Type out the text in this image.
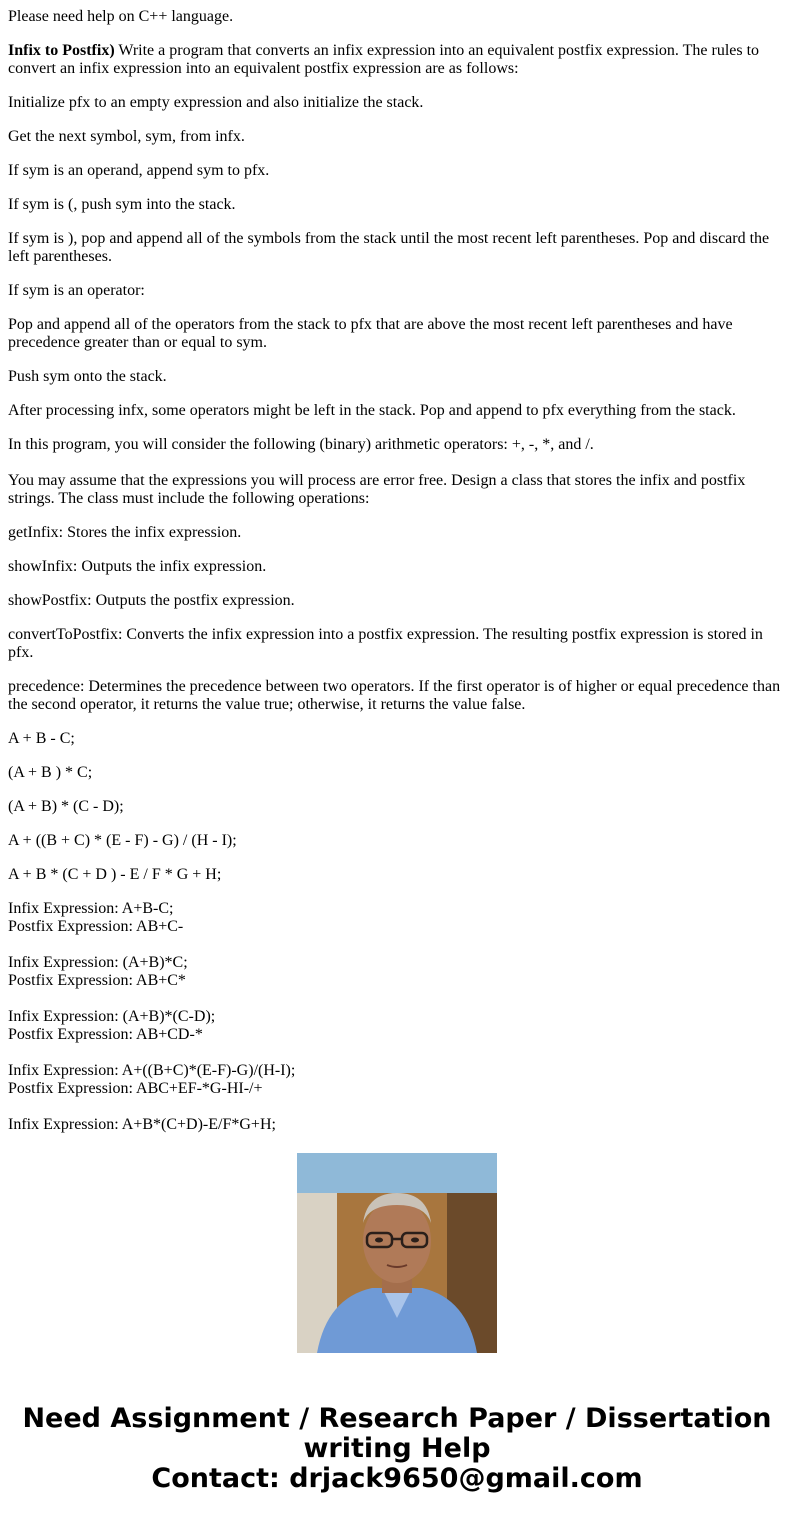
Please need help on C++ language.

Infix to Postfix) Write a program that converts an infix expression into an equivalent postfix expression. The rules to convert an infix expression into an equivalent postfix expression are as follows:

Initialize pfx to an empty expression and also initialize the stack.

Get the next symbol, sym, from infx.

If sym is an operand, append sym to pfx.

If sym is (, push sym into the stack.

If sym is ), pop and append all of the symbols from the stack until the most recent left parentheses. Pop and discard the left parentheses.

If sym is an operator:

Pop and append all of the operators from the stack to pfx that are above the most recent left parentheses and have precedence greater than or equal to sym.

Push sym onto the stack.

After processing infx, some operators might be left in the stack. Pop and append to pfx everything from the stack.

In this program, you will consider the following (binary) arithmetic operators: +, -, *, and /.

You may assume that the expressions you will process are error free. Design a class that stores the infix and postfix strings. The class must include the following operations:

getInfix: Stores the infix expression.

showInfix: Outputs the infix expression.

showPostfix: Outputs the postfix expression.

convertToPostfix: Converts the infix expression into a postfix expression. The resulting postfix expression is stored in pfx.

precedence: Determines the precedence between two operators. If the first operator is of higher or equal precedence than the second operator, it returns the value true; otherwise, it returns the value false.

A + B - C;

(A + B ) * C;

(A + B) * (C - D);

A + ((B + C) * (E - F) - G) / (H - I);

A + B * (C + D ) - E / F * G + H;

Infix Expression: A+B-C;

Postfix Expression: AB+C-

Infix Expression: (A+B)*C;

Postfix Expression: AB+C*

Infix Expression: (A+B)*(C-D);

Postfix Expression: AB+CD-*

Infix Expression: A+((B+C)*(E-F)-G)/(H-I);

Postfix Expression: ABC+EF-*G-HI-/+

Infix Expression: A+B*(C+D)-E/F*G+H;

Need Assignment / Research Paper / Dissertation
writing Help
Contact: drjack9650@gmail.com
